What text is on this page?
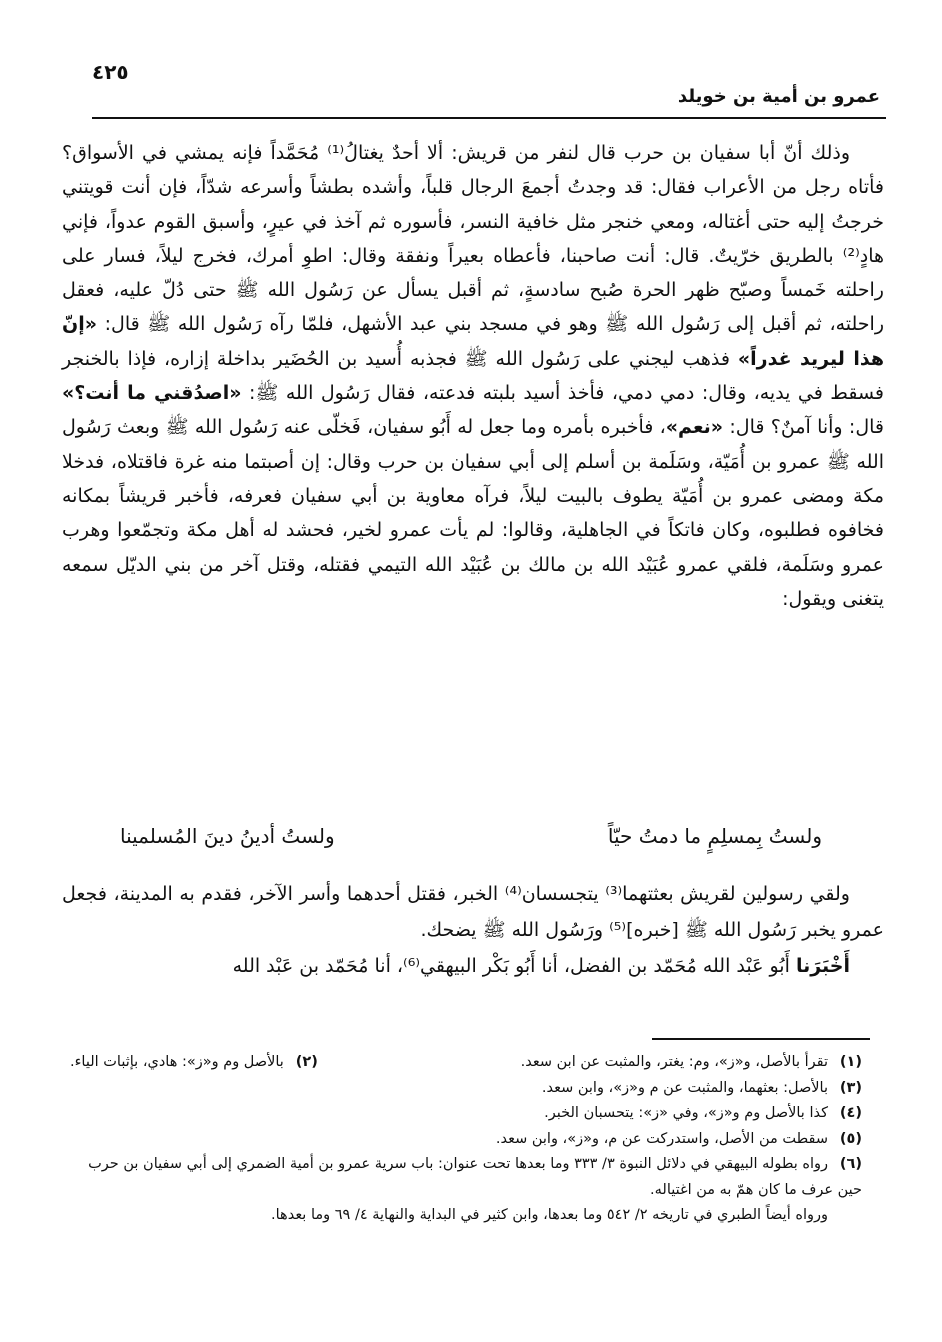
عمرو بن أمية بن خويلد
٤٢٥

وذلك أنّ أبا سفيان بن حرب قال لنفر من قريش: ألا أحدٌ يغتالُ⁽¹⁾ مُحَمَّداً فإنه يمشي في الأسواق؟ فأتاه رجل من الأعراب فقال: قد وجدتُ أجمعَ الرجال قلباً، وأشده بطشاً وأسرعه شدّاً، فإن أنت قويتني خرجتُ إليه حتى أغتاله، ومعي خنجر مثل خافية النسر، فأسوره ثم آخذ في عيرٍ، وأسبق القوم عدواً، فإني هادٍ⁽²⁾ بالطريق خرّيتٌ. قال: أنت صاحبنا، فأعطاه بعيراً ونفقة وقال: اطوِ أمرك، فخرج ليلاً، فسار على راحلته خَمساً وصبّح ظهر الحرة صُبح سادسةٍ، ثم أقبل يسأل عن رَسُول الله ﷺ حتى دُلّ عليه، فعقل راحلته، ثم أقبل إلى رَسُول الله ﷺ وهو في مسجد بني عبد الأشهل، فلمّا رآه رَسُول الله ﷺ قال: «إنّ هذا ليريد غدراً» فذهب ليجني على رَسُول الله ﷺ فجذبه أُسيد بن الحُضَير بداخلة إزاره، فإذا بالخنجر فسقط في يديه، وقال: دمي دمي، فأخذ أسيد بلبته فدعته، فقال رَسُول الله ﷺ: «اصدُقني ما أنت؟» قال: وأنا آمنٌ؟ قال: «نعم»، فأخبره بأمره وما جعل له أَبُو سفيان، فَخلّى عنه رَسُول الله ﷺ وبعث رَسُول الله ﷺ عمرو بن أُمَيّة، وسَلَمة بن أسلم إلى أبي سفيان بن حرب وقال: إن أصبتما منه غرة فاقتلاه، فدخلا مكة ومضى عمرو بن أُمَيّة يطوف بالبيت ليلاً، فرآه معاوية بن أبي سفيان فعرفه، فأخبر قريشاً بمكانه فخافوه فطلبوه، وكان فاتكاً في الجاهلية، وقالوا: لم يأت عمرو لخير، فحشد له أهل مكة وتجمّعوا وهرب عمرو وسَلَمة، فلقي عمرو عُبَيْد الله بن مالك بن عُبَيْد الله التيمي فقتله، وقتل آخر من بني الديّل سمعه يتغنى ويقول:

ولستُ بِمسلِمٍ ما دمتُ حيّاً
ولستُ أدينُ دينَ المُسلمينا

ولقي رسولين لقريش بعثتهما⁽³⁾ يتجسسان⁽⁴⁾ الخبر، فقتل أحدهما وأسر الآخر، فقدم به المدينة، فجعل عمرو يخبر رَسُول الله ﷺ [خبره]⁽⁵⁾ ورَسُول الله ﷺ يضحك.

أَخْبَرَنا أَبُو عَبْد الله مُحَمّد بن الفضل، أنا أَبُو بَكْر البيهقي⁽⁶⁾، أنا مُحَمّد بن عَبْد الله

(١)تقرأ بالأصل، و«ز»، وم: يغتر، والمثبت عن ابن سعد.

(٢)بالأصل وم و«ز»: هادي، بإثبات الياء.

(٣)بالأصل: بعثهما، والمثبت عن م و«ز»، وابن سعد.

(٤)كذا بالأصل وم و«ز»، وفي «ز»: يتحسبان الخبر.

(٥)سقطت من الأصل، واستدركت عن م، و«ز»، وابن سعد.

(٦)رواه بطوله البيهقي في دلائل النبوة ٣/ ٣٣٣ وما بعدها تحت عنوان: باب سرية عمرو بن أمية الضمري إلى أبي سفيان بن حرب حين عرف ما كان همّ به من اغتياله.

ورواه أيضاً الطبري في تاريخه ٢/ ٥٤٢ وما بعدها، وابن كثير في البداية والنهاية ٤/ ٦٩ وما بعدها.
